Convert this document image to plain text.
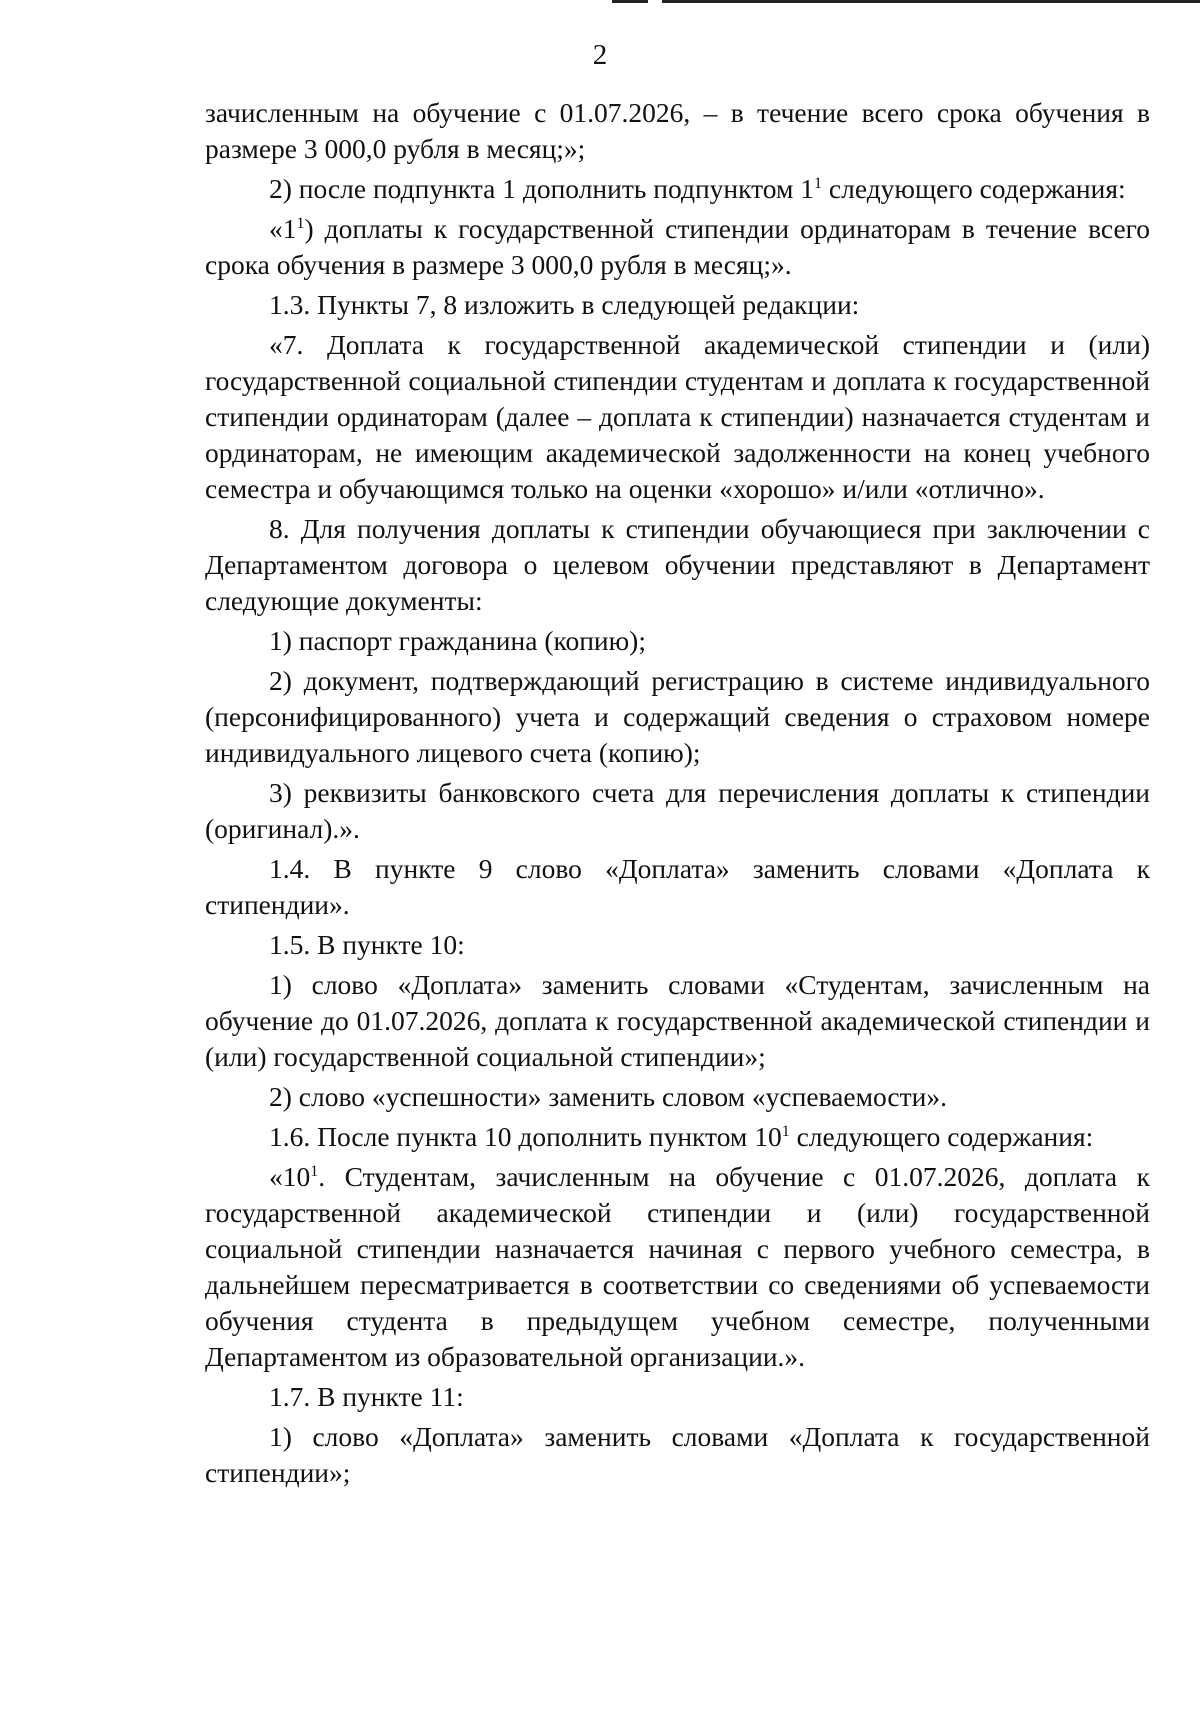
2

зачисленным на обучение с 01.07.2026, – в течение всего срока обучения в размере 3 000,0 рубля в месяц;»;

2) после подпункта 1 дополнить подпунктом $1^1$ следующего содержания:

«$1^1$) доплаты к государственной стипендии ординаторам в течение всего срока обучения в размере 3 000,0 рубля в месяц;».

1.3. Пункты 7, 8 изложить в следующей редакции:

«7. Доплата к государственной академической стипендии и (или) государственной социальной стипендии студентам и доплата к государственной стипендии ординаторам (далее – доплата к стипендии) назначается студентам и ординаторам, не имеющим академической задолженности на конец учебного семестра и обучающимся только на оценки «хорошо» и/или «отлично».

8. Для получения доплаты к стипендии обучающиеся при заключении с Департаментом договора о целевом обучении представляют в Департамент следующие документы:

1) паспорт гражданина (копию);

2) документ, подтверждающий регистрацию в системе индивидуального (персонифицированного) учета и содержащий сведения о страховом номере индивидуального лицевого счета (копию);

3) реквизиты банковского счета для перечисления доплаты к стипендии (оригинал).».

1.4. В пункте 9 слово «Доплата» заменить словами «Доплата к стипендии».

1.5. В пункте 10:

1) слово «Доплата» заменить словами «Студентам, зачисленным на обучение до 01.07.2026, доплата к государственной академической стипендии и (или) государственной социальной стипендии»;

2) слово «успешности» заменить словом «успеваемости».

1.6. После пункта 10 дополнить пунктом $10^1$ следующего содержания:

«$10^1$. Студентам, зачисленным на обучение с 01.07.2026, доплата к государственной академической стипендии и (или) государственной социальной стипендии назначается начиная с первого учебного семестра, в дальнейшем пересматривается в соответствии со сведениями об успеваемости обучения студента в предыдущем учебном семестре, полученными Департаментом из образовательной организации.».

1.7. В пункте 11:

1) слово «Доплата» заменить словами «Доплата к государственной стипендии»;
